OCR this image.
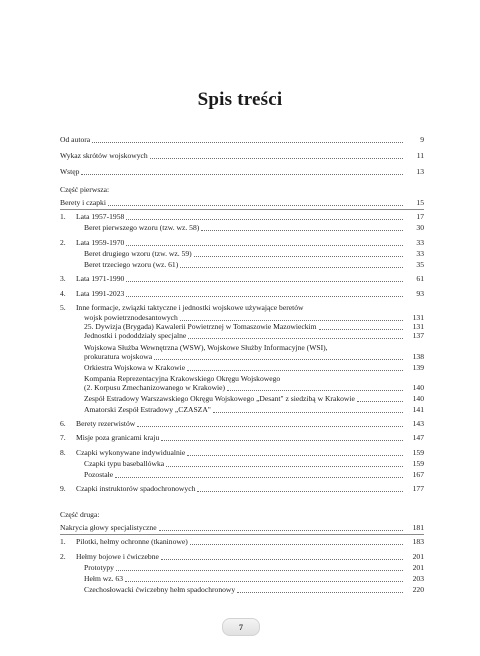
Spis treści
Od autora	9
Wykaz skrótów wojskowych	11
Wstęp	13
Część pierwsza:
Berety i czapki	15
1.	Lata 1957-1958	17
Beret pierwszego wzoru (tzw. wz. 58)	30
2.	Lata 1959-1970	33
Beret drugiego wzoru (tzw. wz. 59)	33
Beret trzeciego wzoru (wz. 61)	35
3.	Lata 1971-1990	61
4.	Lata 1991-2023	93
5.	Inne formacje, związki taktyczne i jednostki wojskowe używające beretów
wojsk powietrznodesantowych	131
25. Dywizja (Brygada) Kawalerii Powietrznej w Tomaszowie Mazowieckim	131
Jednostki i pododdziały specjalne	137
Wojskowa Służba Wewnętrzna (WSW), Wojskowe Służby Informacyjne (WSI),
prokuratura wojskowa	138
Orkiestra Wojskowa w Krakowie	139
Kompania Reprezentacyjna Krakowskiego Okręgu Wojskowego
(2. Korpusu Zmechanizowanego w Krakowie)	140
Zespół Estradowy Warszawskiego Okręgu Wojskowego „Desant" z siedzibą w Krakowie	140
Amatorski Zespół Estradowy „CZASZA"	141
6.	Berety rezerwistów	143
7.	Misje poza granicami kraju	147
8.	Czapki wykonywane indywidualnie	159
Czapki typu baseballówka	159
Pozostałe	167
9.	Czapki instruktorów spadochronowych	177
Część druga:
Nakrycia głowy specjalistyczne	181
1.	Pilotki, hełmy ochronne (tkaninowe)	183
2.	Hełmy bojowe i ćwiczebne	201
Prototypy	201
Hełm wz. 63	203
Czechosłowacki ćwiczebny hełm spadochronowy	220
7
